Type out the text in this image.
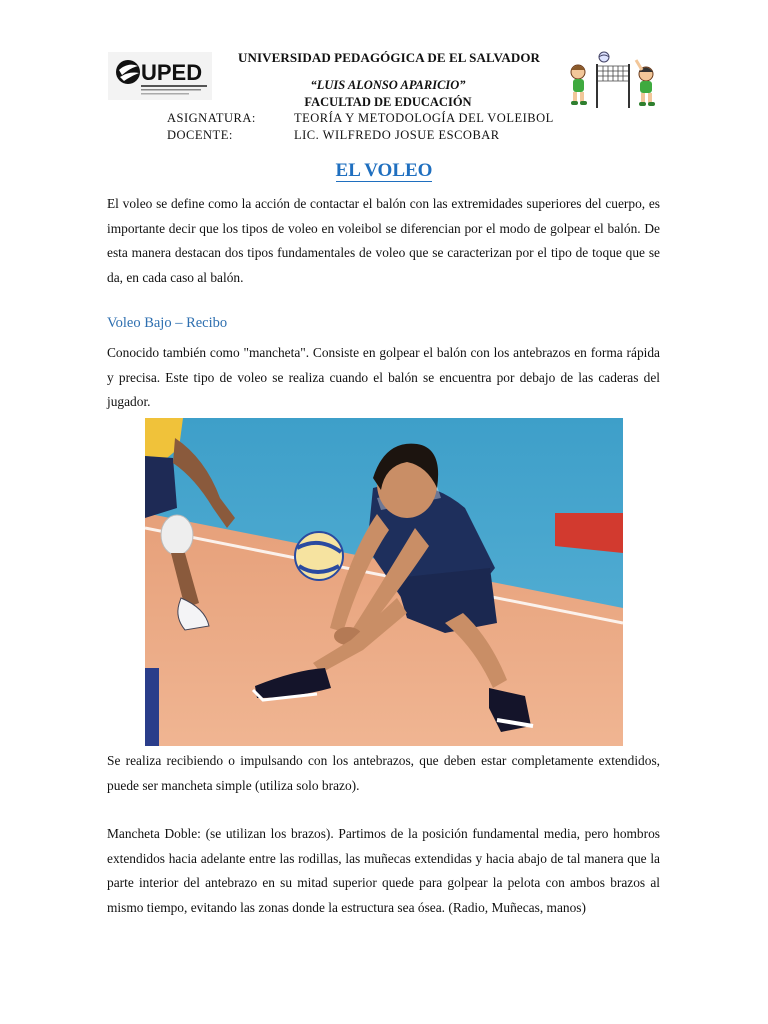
UPED
UNIVERSIDAD PEDAGÓGICA DE EL SALVADOR
“LUIS ALONSO APARICIO”
FACULTAD DE EDUCACIÓN
ASIGNATURA:	TEORÍA Y METODOLOGÍA DEL VOLEIBOL
DOCENTE:	LIC. WILFREDO JOSUE ESCOBAR
EL VOLEO

El voleo se define como la acción de contactar el balón con las extremidades superiores del cuerpo, es importante decir que los tipos de voleo en voleibol se diferencian por el modo de golpear el balón. De esta manera destacan dos tipos fundamentales de voleo que se caracterizan por el tipo de toque que se da, en cada caso al balón.

Voleo Bajo – Recibo

Conocido también como "mancheta". Consiste en golpear el balón con los antebrazos en forma rápida y precisa. Este tipo de voleo se realiza cuando el balón se encuentra por debajo de las caderas del jugador.

Se realiza recibiendo o impulsando con los antebrazos, que deben estar completamente extendidos, puede ser mancheta simple (utiliza solo brazo).

Mancheta Doble: (se utilizan los brazos). Partimos de la posición fundamental media, pero hombros extendidos hacia adelante entre las rodillas, las muñecas extendidas y hacia abajo de tal manera que la parte interior del antebrazo en su mitad superior quede para golpear la pelota con ambos brazos al mismo tiempo, evitando las zonas donde la estructura sea ósea. (Radio, Muñecas, manos)
